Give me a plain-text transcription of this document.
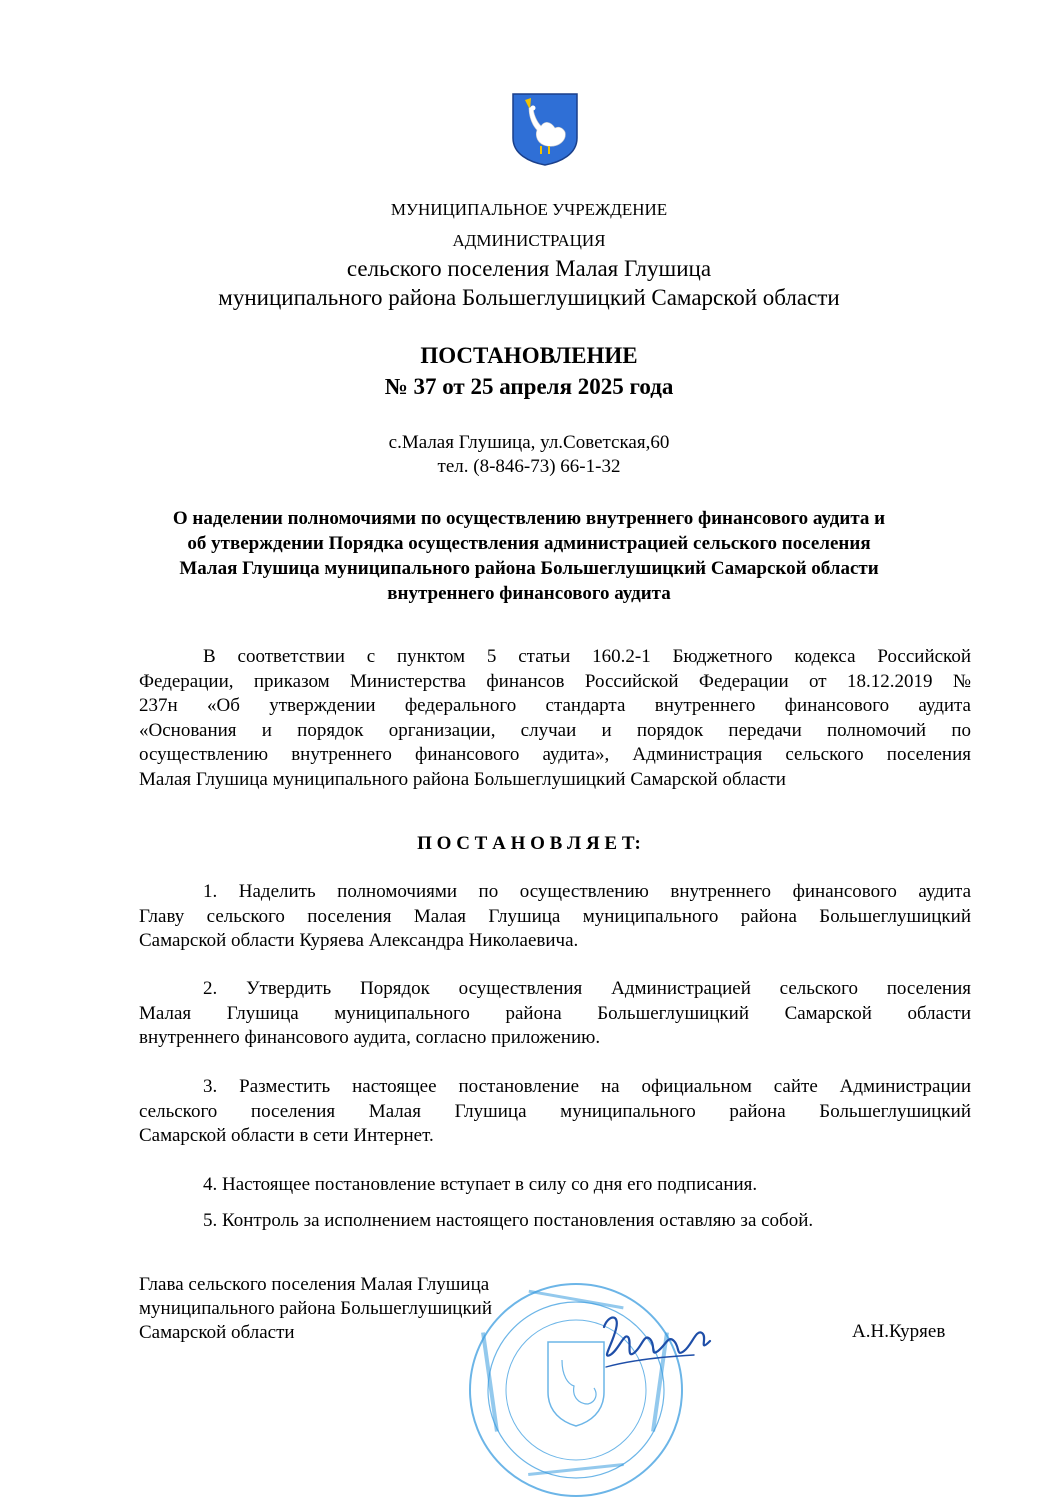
МУНИЦИПАЛЬНОЕ УЧРЕЖДЕНИЕ
АДМИНИСТРАЦИЯ
сельского поселения Малая Глушица
муниципального района Большеглушицкий Самарской области
ПОСТАНОВЛЕНИЕ
№ 37 от 25 апреля 2025 года
с.Малая Глушица, ул.Советская,60
тел. (8-846-73) 66-1-32
О наделении полномочиями по осуществлению внутреннего финансового аудита и
об утверждении Порядка осуществления администрацией сельского поселения
Малая Глушица муниципального района Большеглушицкий Самарской области
внутреннего финансового аудита
В соответствии с пунктом 5 статьи 160.2-1 Бюджетного кодекса Российской
Федерации, приказом Министерства финансов Российской Федерации от 18.12.2019 №
237н «Об утверждении федерального стандарта внутреннего финансового аудита
«Основания и порядок организации, случаи и порядок передачи полномочий по
осуществлению внутреннего финансового аудита», Администрация сельского поселения
Малая Глушица муниципального района Большеглушицкий Самарской области
П О С Т А Н О В Л Я Е Т:
1. Наделить полномочиями по осуществлению внутреннего финансового аудита
Главу сельского поселения Малая Глушица муниципального района Большеглушицкий
Самарской области Куряева Александра Николаевича.
2. Утвердить Порядок осуществления Администрацией сельского поселения
Малая Глушица муниципального района Большеглушицкий Самарской области
внутреннего финансового аудита, согласно приложению.
3. Разместить настоящее постановление на официальном сайте Администрации
сельского поселения Малая Глушица муниципального района Большеглушицкий
Самарской области в сети Интернет.
4. Настоящее постановление вступает в силу со дня его подписания.
5. Контроль за исполнением настоящего постановления оставляю за собой.
Глава сельского поселения Малая Глушица
муниципального района Большеглушицкий
Самарской области	А.Н.Куряев
